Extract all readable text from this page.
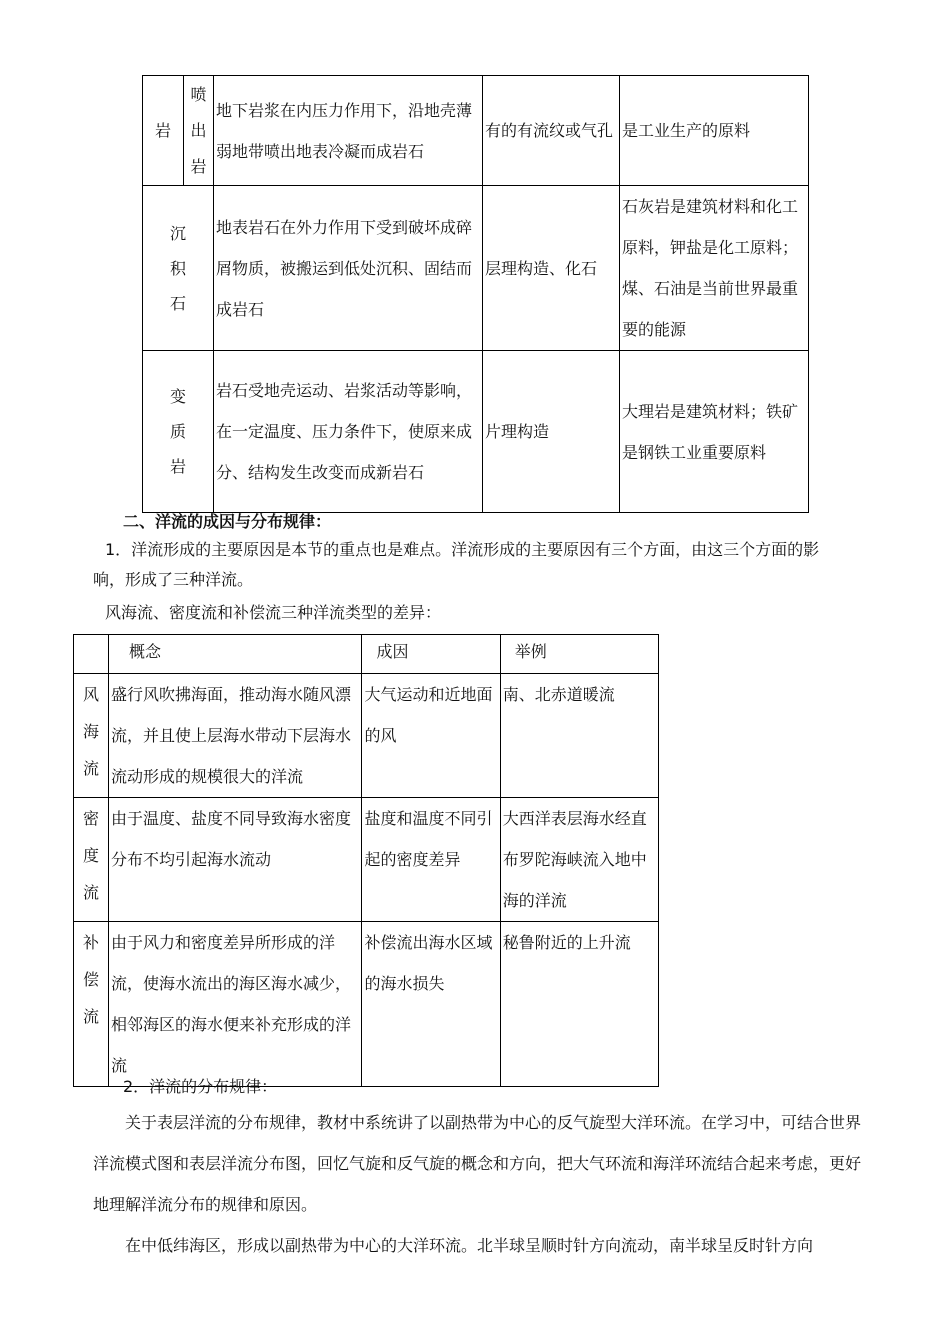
岩	喷出岩	地下岩浆在内压力作用下，沿地壳薄弱地带喷出地表冷凝而成岩石	有的有流纹或气孔	是工业生产的原料

沉积石		地表岩石在外力作用下受到破坏成碎屑物质，被搬运到低处沉积、固结而成岩石	层理构造、化石	石灰岩是建筑材料和化工原料，钾盐是化工原料；煤、石油是当前世界最重要的能源

变质岩		岩石受地壳运动、岩浆活动等影响，在一定温度、压力条件下，使原来成分、结构发生改变而成新岩石	片理构造	大理岩是建筑材料；铁矿是钢铁工业重要原料
二、洋流的成因与分布规律：
1．洋流形成的主要原因是本节的重点也是难点。洋流形成的主要原因有三个方面，由这三个方面的影
响，形成了三种洋流。
风海流、密度流和补偿流三种洋流类型的差异：
	概念	成因	举例

风海流	盛行风吹拂海面，推动海水随风漂流，并且使上层海水带动下层海水流动形成的规模很大的洋流	大气运动和近地面的风	南、北赤道暖流

密度流	由于温度、盐度不同导致海水密度分布不均引起海水流动	盐度和温度不同引起的密度差异	大西洋表层海水经直布罗陀海峡流入地中海的洋流

补偿流	由于风力和密度差异所形成的洋流，使海水流出的海区海水减少，相邻海区的海水便来补充形成的洋流	补偿流出海水区域的海水损失	秘鲁附近的上升流
2．洋流的分布规律：
关于表层洋流的分布规律，教材中系统讲了以副热带为中心的反气旋型大洋环流。在学习中，可结合世界洋流模式图和表层洋流分布图，回忆气旋和反气旋的概念和方向，把大气环流和海洋环流结合起来考虑，更好地理解洋流分布的规律和原因。
在中低纬海区，形成以副热带为中心的大洋环流。北半球呈顺时针方向流动，南半球呈反时针方向
